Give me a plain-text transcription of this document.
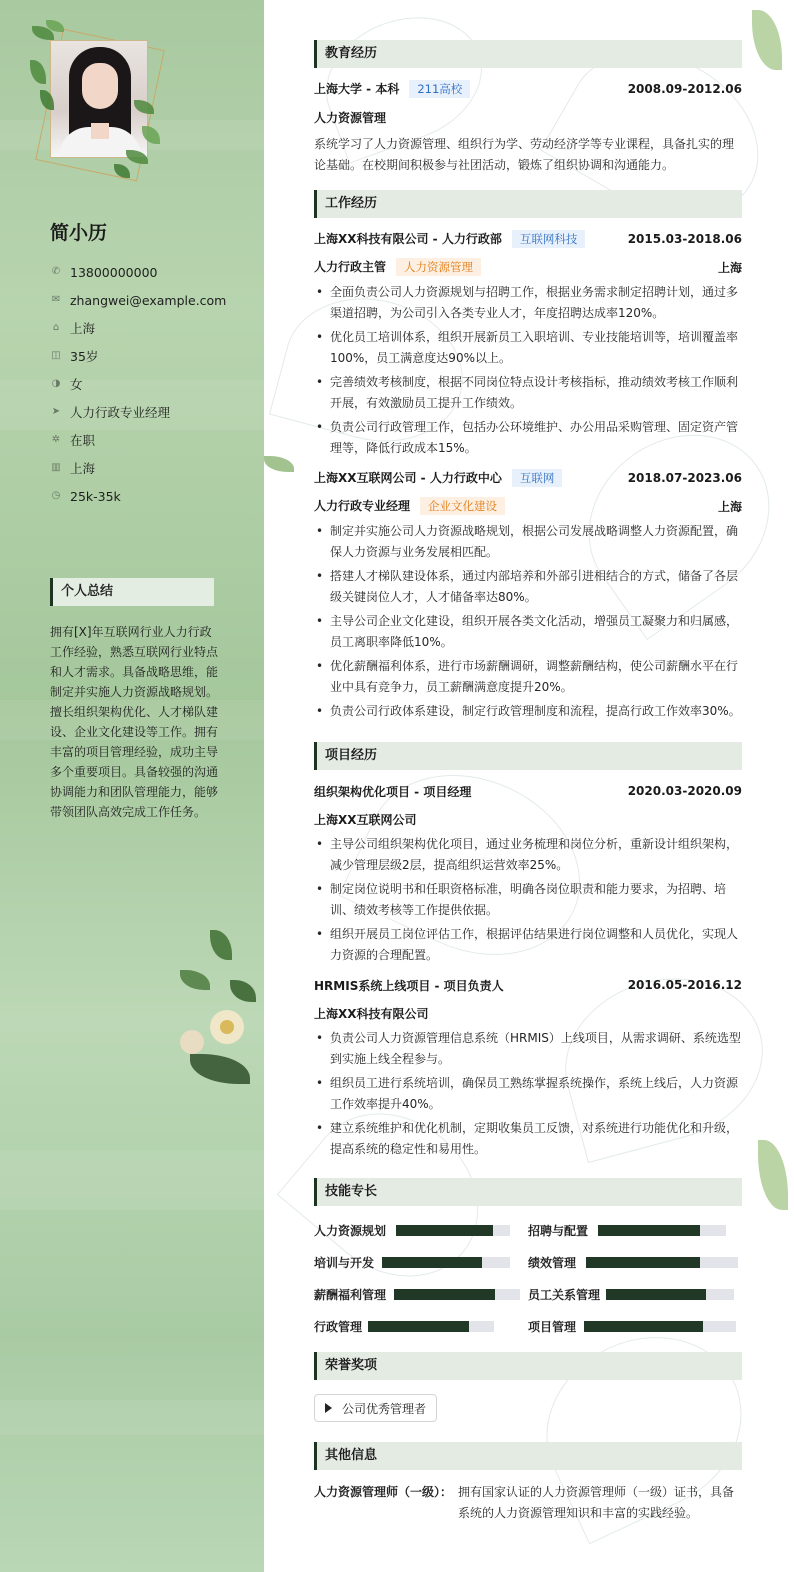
简小历
✆ 13800000000
✉ zhangwei@example.com
⌂ 上海
◫ 35岁
◑ 女
➤ 人力行政专业经理
✲ 在职
▥ 上海
◷ 25k-35k
个人总结
拥有[X]年互联网行业人力行政工作经验，熟悉互联网行业特点和人才需求。具备战略思维，能制定并实施人力资源战略规划。擅长组织架构优化、人才梯队建设、企业文化建设等工作。拥有丰富的项目管理经验，成功主导多个重要项目。具备较强的沟通协调能力和团队管理能力，能够带领团队高效完成工作任务。
教育经历
上海大学 - 本科 211高校	2008.09-2012.06
人力资源管理
系统学习了人力资源管理、组织行为学、劳动经济学等专业课程，具备扎实的理论基础。在校期间积极参与社团活动，锻炼了组织协调和沟通能力。
工作经历
上海XX科技有限公司 - 人力行政部 互联网科技	2015.03-2018.06
人力行政主管 人力资源管理	上海
• 全面负责公司人力资源规划与招聘工作，根据业务需求制定招聘计划，通过多渠道招聘，为公司引入各类专业人才，年度招聘达成率120%。
• 优化员工培训体系，组织开展新员工入职培训、专业技能培训等，培训覆盖率100%，员工满意度达90%以上。
• 完善绩效考核制度，根据不同岗位特点设计考核指标，推动绩效考核工作顺利开展，有效激励员工提升工作绩效。
• 负责公司行政管理工作，包括办公环境维护、办公用品采购管理、固定资产管理等，降低行政成本15%。
上海XX互联网公司 - 人力行政中心 互联网	2018.07-2023.06
人力行政专业经理 企业文化建设	上海
• 制定并实施公司人力资源战略规划，根据公司发展战略调整人力资源配置，确保人力资源与业务发展相匹配。
• 搭建人才梯队建设体系，通过内部培养和外部引进相结合的方式，储备了各层级关键岗位人才，人才储备率达80%。
• 主导公司企业文化建设，组织开展各类文化活动，增强员工凝聚力和归属感，员工离职率降低10%。
• 优化薪酬福利体系，进行市场薪酬调研，调整薪酬结构，使公司薪酬水平在行业中具有竞争力，员工薪酬满意度提升20%。
• 负责公司行政体系建设，制定行政管理制度和流程，提高行政工作效率30%。
项目经历
组织架构优化项目 - 项目经理	2020.03-2020.09
上海XX互联网公司
• 主导公司组织架构优化项目，通过业务梳理和岗位分析，重新设计组织架构，减少管理层级2层，提高组织运营效率25%。
• 制定岗位说明书和任职资格标准，明确各岗位职责和能力要求，为招聘、培训、绩效考核等工作提供依据。
• 组织开展员工岗位评估工作，根据评估结果进行岗位调整和人员优化，实现人力资源的合理配置。
HRMIS系统上线项目 - 项目负责人	2016.05-2016.12
上海XX科技有限公司
• 负责公司人力资源管理信息系统（HRMIS）上线项目，从需求调研、系统选型到实施上线全程参与。
• 组织员工进行系统培训，确保员工熟练掌握系统操作，系统上线后，人力资源工作效率提升40%。
• 建立系统维护和优化机制，定期收集员工反馈，对系统进行功能优化和升级，提高系统的稳定性和易用性。
技能专长
人力资源规划	招聘与配置
培训与开发	绩效管理
薪酬福利管理	员工关系管理
行政管理	项目管理
荣誉奖项
公司优秀管理者
其他信息
人力资源管理师（一级）： 拥有国家认证的人力资源管理师（一级）证书，具备系统的人力资源管理知识和丰富的实践经验。
